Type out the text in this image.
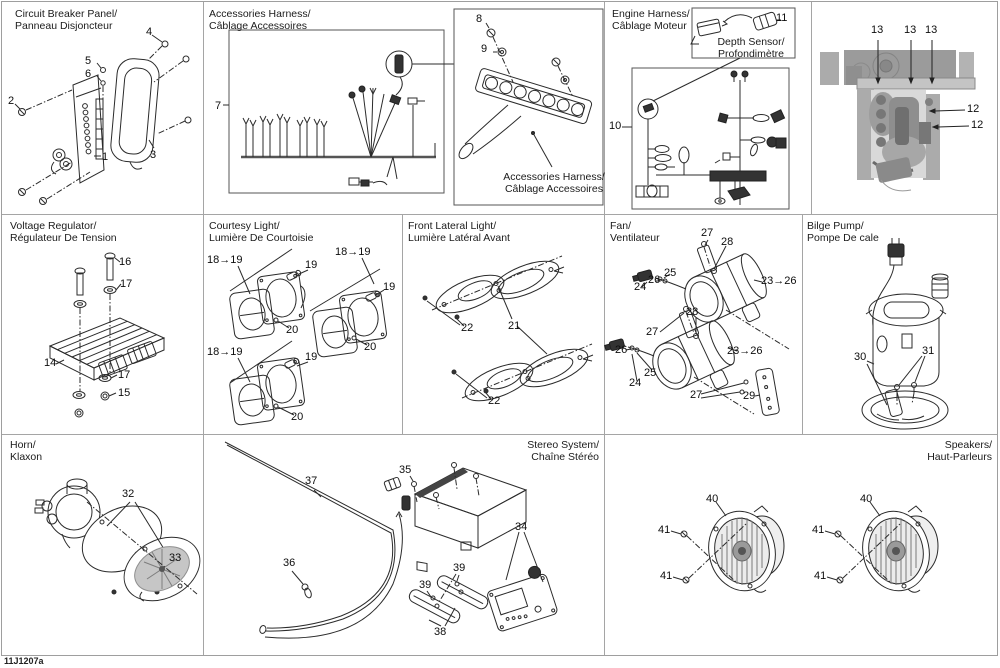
Circuit Breaker Panel/
Panneau Disjoncteur
2
4
5
6
1	3
Accessories Harness/
Câblage Accessoires
Accessories Harness/
Câblage Accessoires
7
8
9
Engine Harness/
Câblage Moteur
Depth Sensor/
Profondimètre
10
11
13 13 13
12
12
Voltage Regulator/
Régulateur De Tension
16
17
14
17
15
Courtesy Light/
Lumière De Courtoisie
18→19	19
20
18→19
19
20
18→19	19
20
Front Lateral Light/
Lumière Latéral Avant
22	21
22
Fan/
Ventilateur	27
28
25
26
24	23→26
28
27
26
25
24
23→26
27	29
Bilge Pump/
Pompe De cale
30	31
Horn/
Klaxon
32
33
Stereo System/
Chaîne Stéréo
37
36
35
34
39
39
38
Speakers/
Haut-Parleurs
40
41
41
40
41
41
11J1207a
